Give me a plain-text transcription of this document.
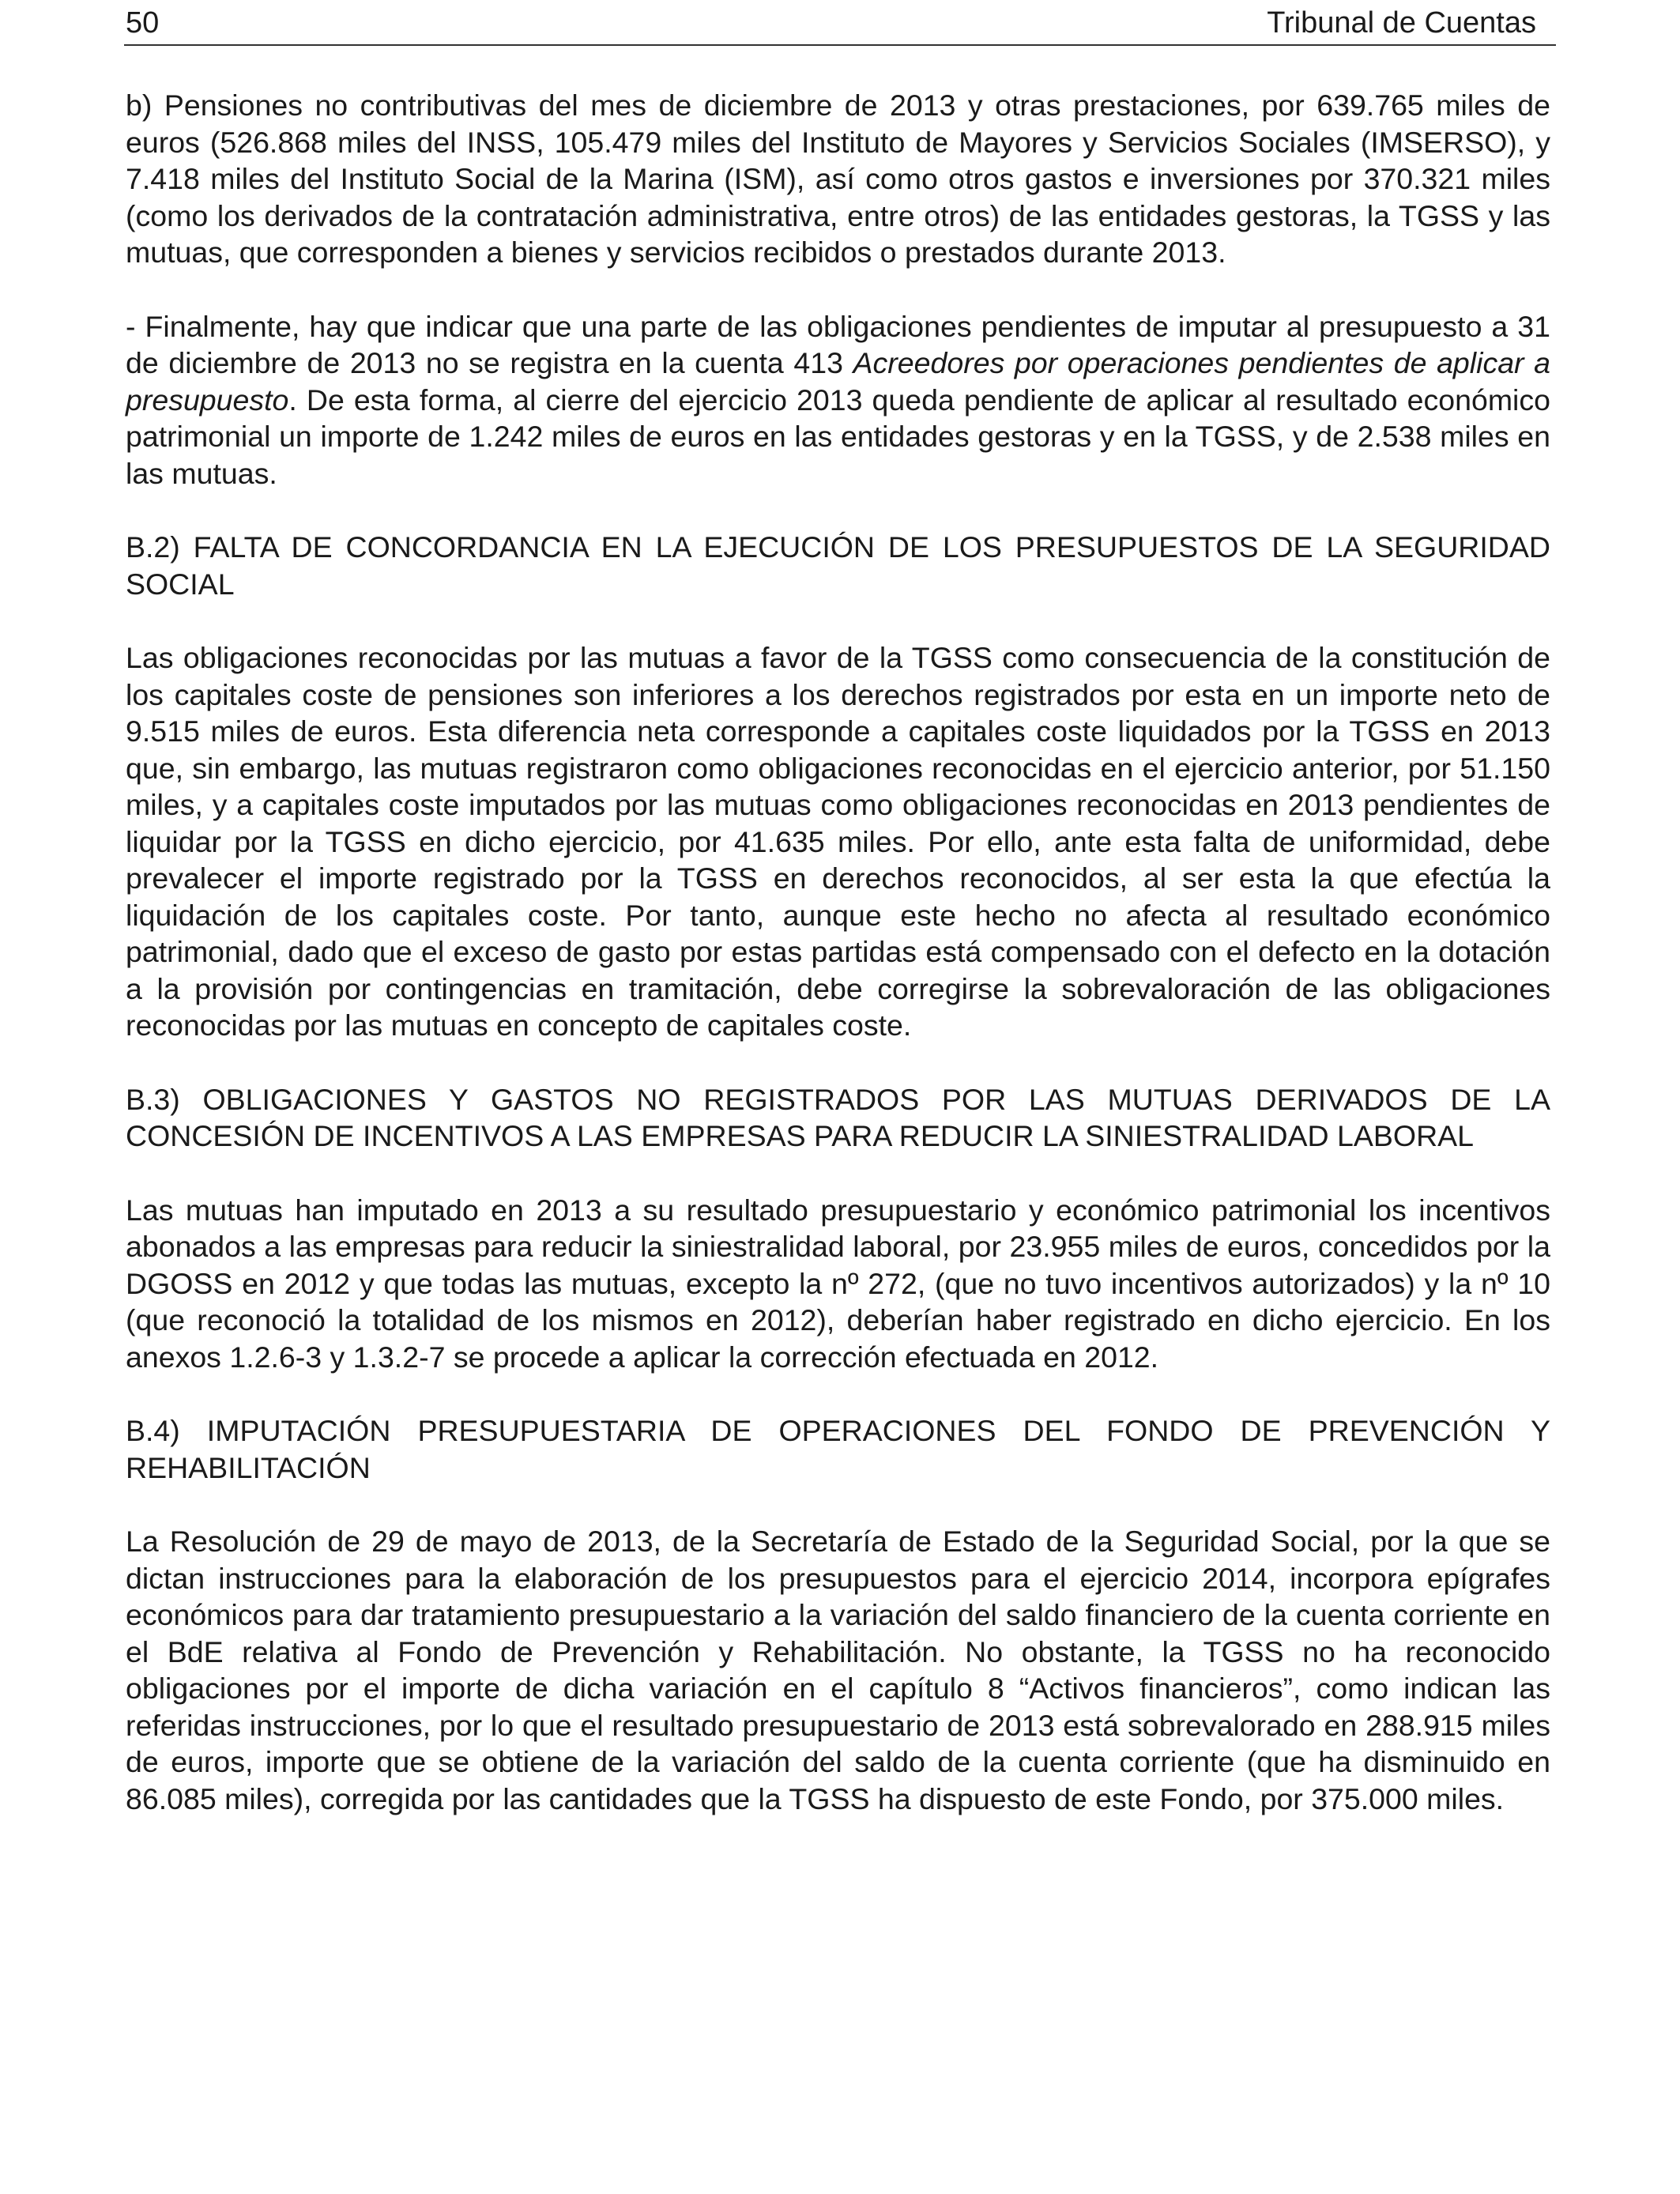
50	Tribunal de Cuentas

b) Pensiones no contributivas del mes de diciembre de 2013 y otras prestaciones, por 639.765 miles de euros (526.868 miles del INSS, 105.479 miles del Instituto de Mayores y Servicios Sociales (IMSERSO), y 7.418 miles del Instituto Social de la Marina (ISM), así como otros gastos e inversiones por 370.321 miles (como los derivados de la contratación administrativa, entre otros) de las entidades gestoras, la TGSS y las mutuas, que corresponden a bienes y servicios recibidos o prestados durante 2013.

- Finalmente, hay que indicar que una parte de las obligaciones pendientes de imputar al presupuesto a 31 de diciembre de 2013 no se registra en la cuenta 413 Acreedores por operaciones pendientes de aplicar a presupuesto. De esta forma, al cierre del ejercicio 2013 queda pendiente de aplicar al resultado económico patrimonial un importe de 1.242 miles de euros en las entidades gestoras y en la TGSS, y de 2.538 miles en las mutuas.

B.2) FALTA DE CONCORDANCIA EN LA EJECUCIÓN DE LOS PRESUPUESTOS DE LA SEGURIDAD SOCIAL

Las obligaciones reconocidas por las mutuas a favor de la TGSS como consecuencia de la constitución de los capitales coste de pensiones son inferiores a los derechos registrados por esta en un importe neto de 9.515 miles de euros. Esta diferencia neta corresponde a capitales coste liquidados por la TGSS en 2013 que, sin embargo, las mutuas registraron como obligaciones reconocidas en el ejercicio anterior, por 51.150 miles, y a capitales coste imputados por las mutuas como obligaciones reconocidas en 2013 pendientes de liquidar por la TGSS en dicho ejercicio, por 41.635 miles. Por ello, ante esta falta de uniformidad, debe prevalecer el importe registrado por la TGSS en derechos reconocidos, al ser esta la que efectúa la liquidación de los capitales coste. Por tanto, aunque este hecho no afecta al resultado económico patrimonial, dado que el exceso de gasto por estas partidas está compensado con el defecto en la dotación a la provisión por contingencias en tramitación, debe corregirse la sobrevaloración de las obligaciones reconocidas por las mutuas en concepto de capitales coste.

B.3) OBLIGACIONES Y GASTOS NO REGISTRADOS POR LAS MUTUAS DERIVADOS DE LA CONCESIÓN DE INCENTIVOS A LAS EMPRESAS PARA REDUCIR LA SINIESTRALIDAD LABORAL

Las mutuas han imputado en 2013 a su resultado presupuestario y económico patrimonial los incentivos abonados a las empresas para reducir la siniestralidad laboral, por 23.955 miles de euros, concedidos por la DGOSS en 2012 y que todas las mutuas, excepto la nº 272, (que no tuvo incentivos autorizados) y la nº 10 (que reconoció la totalidad de los mismos en 2012), deberían haber registrado en dicho ejercicio. En los anexos 1.2.6-3 y 1.3.2-7 se procede a aplicar la corrección efectuada en 2012.

B.4) IMPUTACIÓN PRESUPUESTARIA DE OPERACIONES DEL FONDO DE PREVENCIÓN Y REHABILITACIÓN

La Resolución de 29 de mayo de 2013, de la Secretaría de Estado de la Seguridad Social, por la que se dictan instrucciones para la elaboración de los presupuestos para el ejercicio 2014, incorpora epígrafes económicos para dar tratamiento presupuestario a la variación del saldo financiero de la cuenta corriente en el BdE relativa al Fondo de Prevención y Rehabilitación. No obstante, la TGSS no ha reconocido obligaciones por el importe de dicha variación en el capítulo 8 “Activos financieros”, como indican las referidas instrucciones, por lo que el resultado presupuestario de 2013 está sobrevalorado en 288.915 miles de euros, importe que se obtiene de la variación del saldo de la cuenta corriente (que ha disminuido en 86.085 miles), corregida por las cantidades que la TGSS ha dispuesto de este Fondo, por 375.000 miles.
